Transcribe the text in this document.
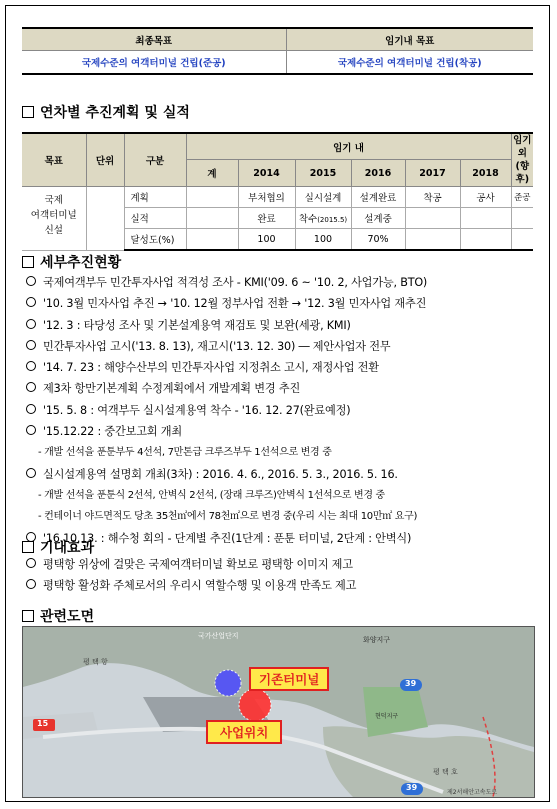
최종목표	임기내 목표
국제수준의 여객터미널 건립(준공)	국제수준의 여객터미널 건립(착공)
연차별 추진계획 및 실적
목표	단위	구분	임기 내						임기외
(향후)
			계	2014	2015	2016	2017	2018	
국제
여객터미널
신설		계획		부처협의	실시설계	설계완료	착공	공사	준공
		실적		완료	착수(2015.5)	설계중			
		달성도(%)		100	100	70%			
세부추진현황
국제여객부두 민간투자사업 적격성 조사 - KMI('09. 6 ~ '10. 2, 사업가능, BTO)
'10. 3월 민자사업 추진 → '10. 12월 정부사업 전환 → '12. 3월 민자사업 재추진
'12. 3 : 타당성 조사 및 기본설계용역 재검토 및 보완(세광, KMI)
민간투자사업 고시('13. 8. 13), 재고시('13. 12. 30) ― 제안사업자 전무
'14. 7. 23 : 해양수산부의 민간투자사업 지정취소 고시, 재정사업 전환
제3차 항만기본계획 수정계획에서 개발계획 변경 추진
'15. 5. 8 : 여객부두 실시설계용역 착수 - '16. 12. 27(완료예정)
'15.12.22 : 중간보고회 개최
- 개발 선석을 푼툰부두 4선석, 7만톤급 크루즈부두 1선석으로 변경 중
실시설계용역 설명회 개최(3차) : 2016. 4. 6., 2016. 5. 3., 2016. 5. 16.
- 개발 선석을 푼툰식 2선석, 안벽식 2선석, (장래 크루즈)안벽식 1선석으로 변경 중
- 컨테이너 야드면적도 당초 35천㎡에서 78천㎡으로 변경 중(우리 시는 최대 10만㎡ 요구)
'16.10.13. : 해수청 회의 - 단계별 추진(1단계 : 푼툰 터미널, 2단계 : 안벽식)
기대효과
평택항 위상에 걸맞은 국제여객터미널 확보로 평택항 이미지 제고
평택항 활성화 주체로서의 우리시 역할수행 및 이용객 만족도 제고
관련도면
15
39
39
기존터미널
사업위치
국가산업단지	화양지구
평 택 항
현덕지구
평 택 호
제2서해안고속도로
